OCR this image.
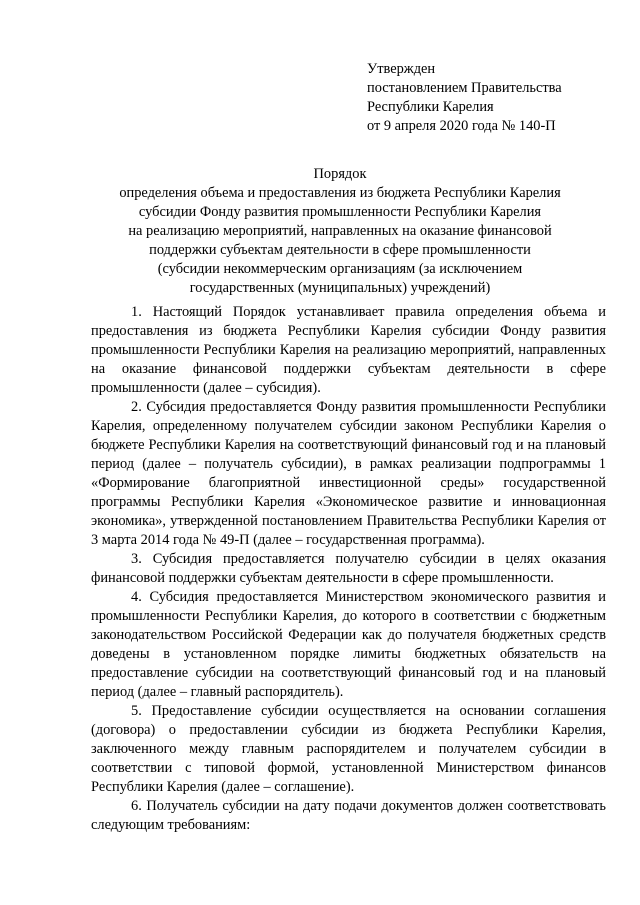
Утвержден
постановлением Правительства
Республики Карелия
от 9 апреля 2020 года № 140-П
Порядок
определения объема и предоставления из бюджета Республики Карелия
субсидии Фонду развития промышленности Республики Карелия
на реализацию мероприятий, направленных на оказание финансовой
поддержки субъектам деятельности в сфере промышленности
(субсидии некоммерческим организациям (за исключением
государственных (муниципальных) учреждений)

1. Настоящий Порядок устанавливает правила определения объема и предоставления из бюджета Республики Карелия субсидии Фонду развития промышленности Республики Карелия на реализацию мероприятий, направленных на оказание финансовой поддержки субъектам деятельности в сфере промышленности (далее – субсидия).

2. Субсидия предоставляется Фонду развития промышленности Республики Карелия, определенному получателем субсидии законом Республики Карелия о бюджете Республики Карелия на соответствующий финансовый год и на плановый период (далее – получатель субсидии), в рамках реализации подпрограммы 1 «Формирование благоприятной инвестиционной среды» государственной программы Республики Карелия «Экономическое развитие и инновационная экономика», утвержденной постановлением Правительства Республики Карелия от 3 марта 2014 года № 49-П (далее – государственная программа).

3. Субсидия предоставляется получателю субсидии в целях оказания финансовой поддержки субъектам деятельности в сфере промышленности.

4. Субсидия предоставляется Министерством экономического развития и промышленности Республики Карелия, до которого в соответствии с бюджетным законодательством Российской Федерации как до получателя бюджетных средств доведены в установленном порядке лимиты бюджетных обязательств на предоставление субсидии на соответствующий финансовый год и на плановый период (далее – главный распорядитель).

5. Предоставление субсидии осуществляется на основании соглашения (договора) о предоставлении субсидии из бюджета Республики Карелия, заключенного между главным распорядителем и получателем субсидии в соответствии с типовой формой, установленной Министерством финансов Республики Карелия (далее – соглашение).

6. Получатель субсидии на дату подачи документов должен соответствовать следующим требованиям:
